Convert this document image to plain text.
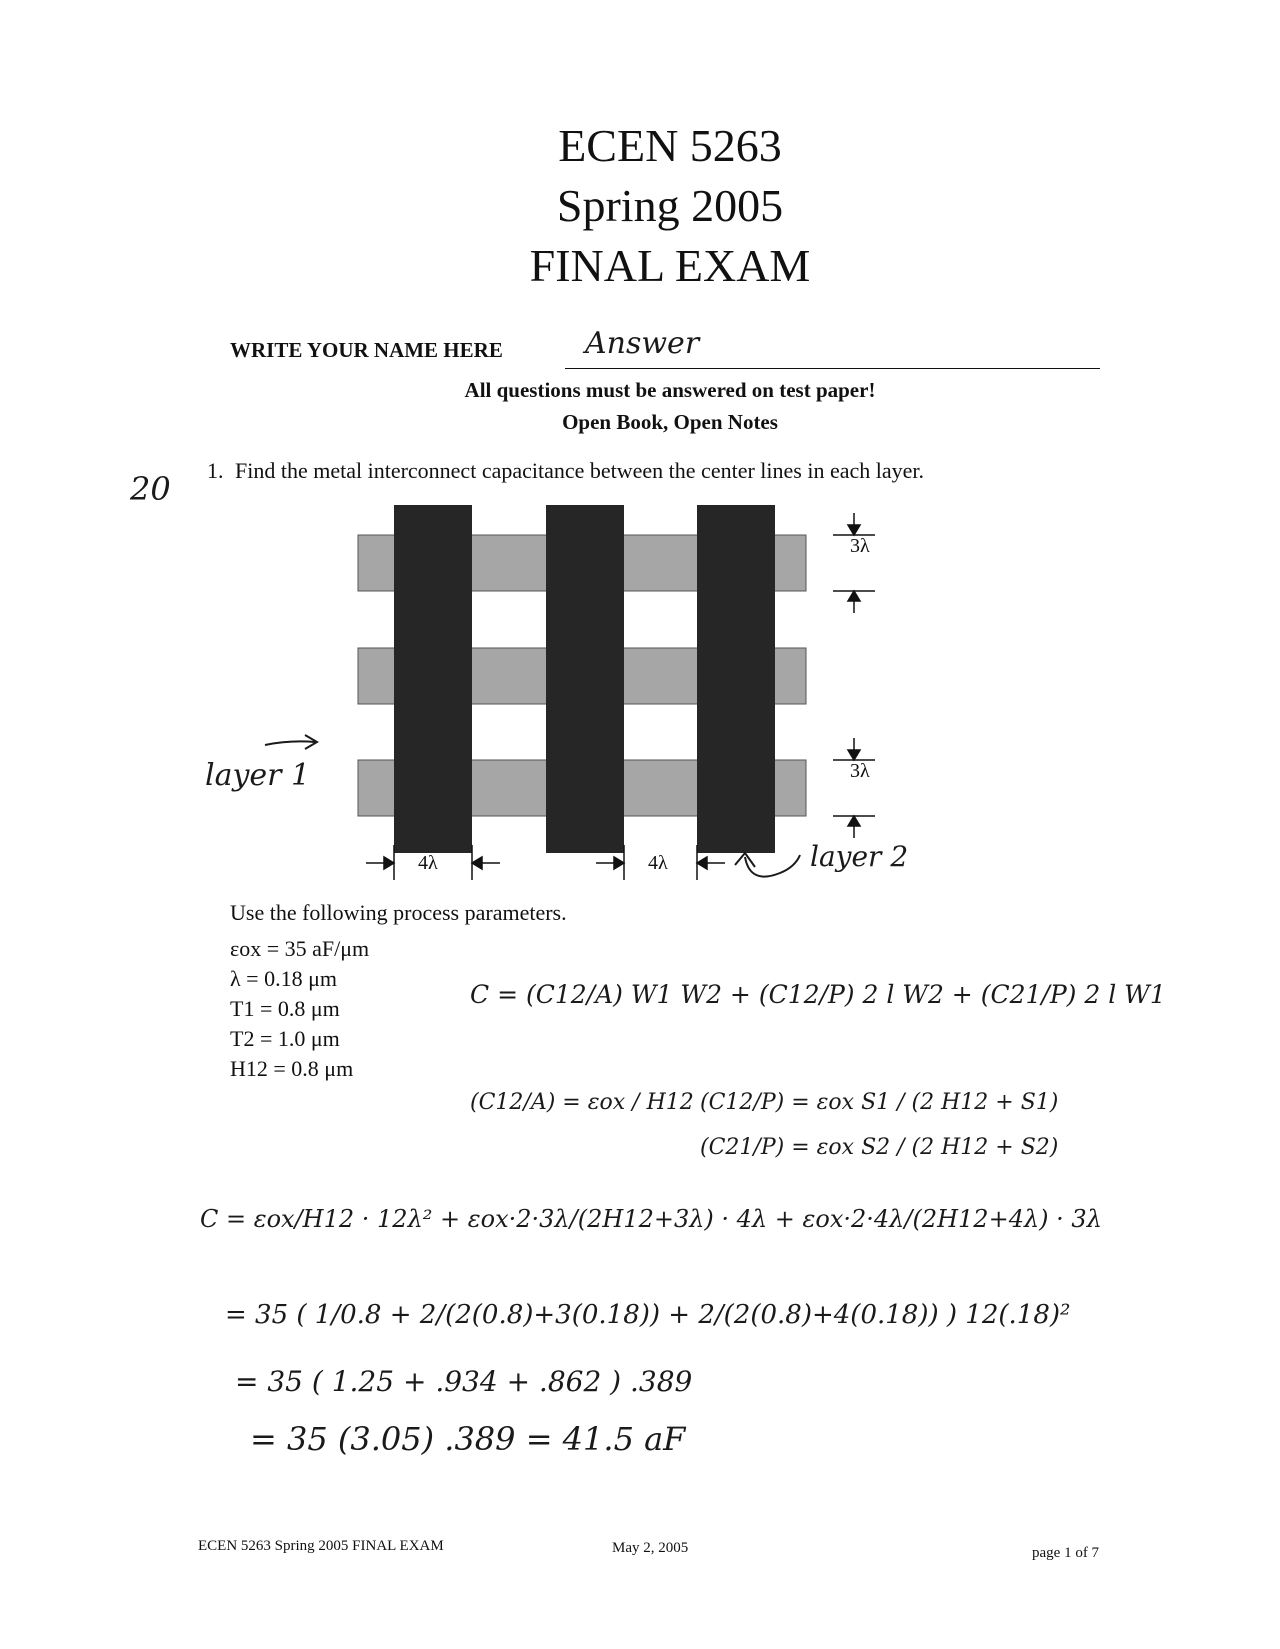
ECEN 5263
Spring 2005
FINAL EXAM
WRITE YOUR NAME HERE	Answer
All questions must be answered on test paper!
Open Book, Open Notes
20 1. Find the metal interconnect capacitance between the center lines in each layer.
3λ
3λ
4λ	4λ
layer 1
layer 2
Use the following process parameters.
εox = 35 aF/μm
λ = 0.18 μm
T1 = 0.8 μm
T2 = 1.0 μm
H12 = 0.8 μm
C = (C12/A) W1 W2 + (C12/P) 2 l W2 + (C21/P) 2 l W1
(C12/A) = εox / H12 (C12/P) = εox S1 / (2 H12 + S1)
(C21/P) = εox S2 / (2 H12 + S2)
C = εox/H12 · 12λ² + εox·2·3λ/(2H12+3λ) · 4λ + εox·2·4λ/(2H12+4λ) · 3λ
= 35 ( 1/0.8 + 2/(2(0.8)+3(0.18)) + 2/(2(0.8)+4(0.18)) ) 12(.18)²
= 35 ( 1.25 + .934 + .862 ) .389
= 35 (3.05) .389 = 41.5 aF
ECEN 5263 Spring 2005 FINAL EXAM	May 2, 2005	page 1 of 7
